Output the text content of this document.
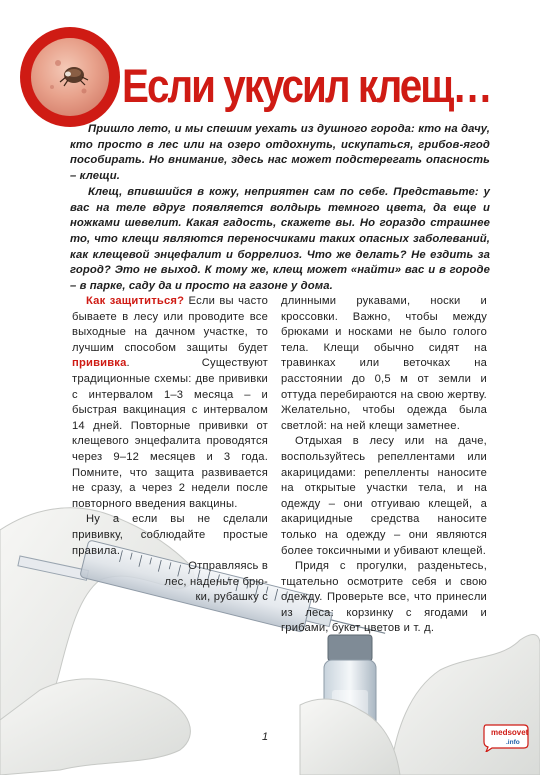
Если укусил клещ…

Пришло лето, и мы спешим уехать из душного города: кто на дачу, кто просто в лес или на озеро отдохнуть, искупаться, грибов-ягод пособирать. Но внимание, здесь нас может подстерегать опасность – клещи.

Клещ, впившийся в кожу, неприятен сам по себе. Представьте: у вас на теле вдруг появляется волдырь темного цвета, да еще и ножками шевелит. Какая гадость, скажете вы. Но гораздо страшнее то, что клещи являются переносчиками таких опасных заболеваний, как клещевой энцефалит и боррелиоз. Что же делать? Не ездить за город? Это не выход. К тому же, клещ может «найти» вас и в городе – в парке, саду да и просто на газоне у дома.

Как защититься? Если вы часто бываете в лесу или проводите все выходные на дачном участке, то лучшим способом защиты будет прививка. Существуют традиционные схемы: две прививки с интервалом 1–3 месяца – и быстрая вакцинация с интервалом 14 дней. Повторные прививки от клещевого энцефалита проводятся через 9–12 месяцев и 3 года. Помните, что защита развивается не сразу, а через 2 недели после повторного введения вакцины.

Ну а если вы не сделали прививку, соблюдайте простые правила.

Отправляясь в
лес, наденьте брю-
ки, рубашку с

длинными рукавами, носки и кроссовки. Важно, чтобы между брюками и носками не было голого тела. Клещи обычно сидят на травинках или веточках на расстоянии до 0,5 м от земли и оттуда перебираются на свою жертву. Желательно, чтобы одежда была светлой: на ней клещи заметнее.

Отдыхая в лесу или на даче, воспользуйтесь репеллентами или акарицидами: репелленты наносите на открытые участки тела, и на одежду – они отгуиваю клещей, а акарицидные средства наносите только на одежду – они являются более токсичными и убивают клещей.

Придя с прогулки, разденьтесь, тщательно осмотрите себя и свою одежду. Проверьте все, что принесли из леса: корзинку с ягодами и грибами, букет цветов и т. д.

1	medsovet
.info
